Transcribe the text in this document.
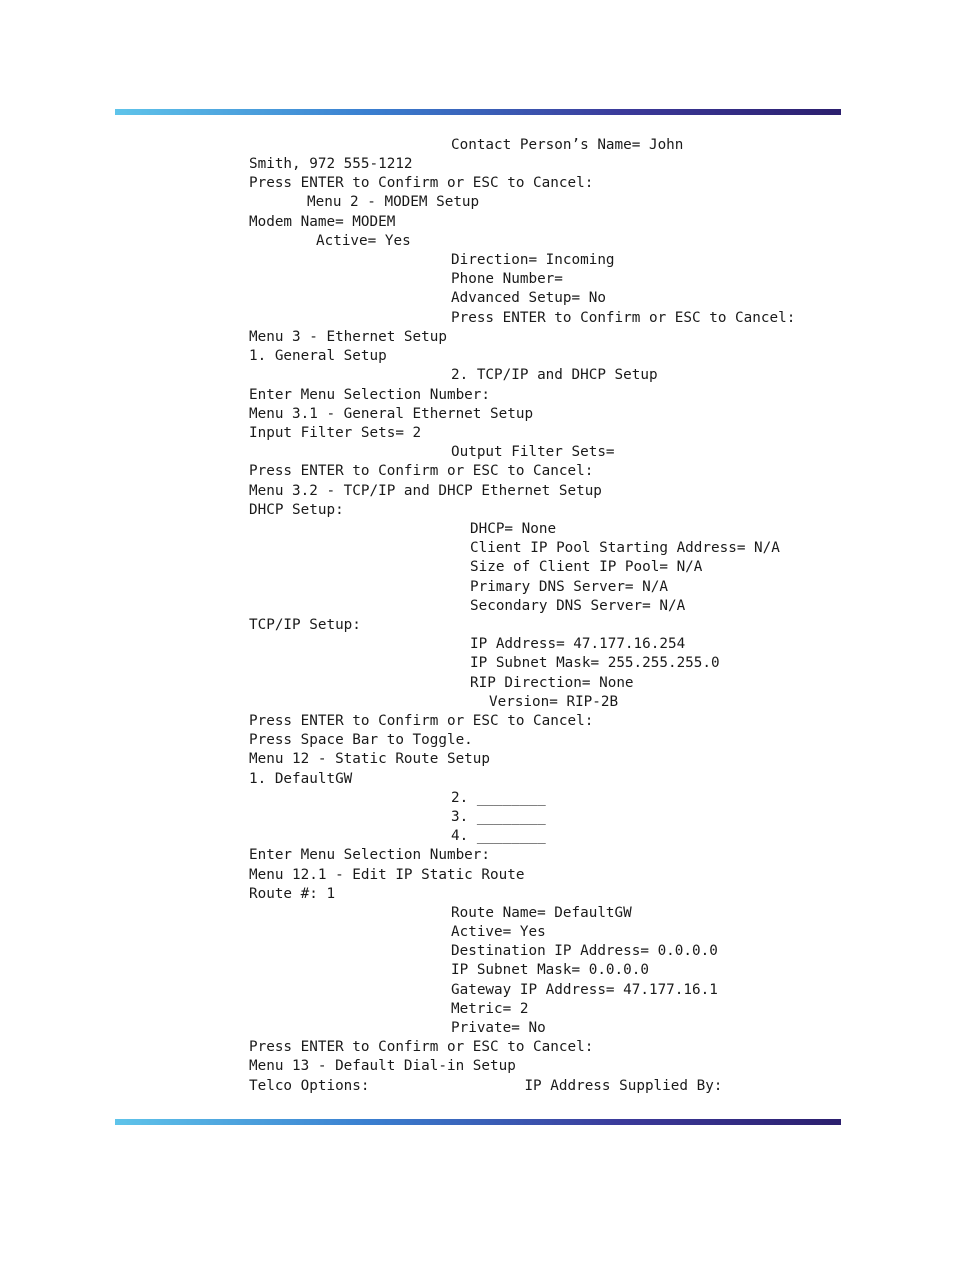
Contact Person’s Name= John
Smith, 972 555-1212
Press ENTER to Confirm or ESC to Cancel:
Menu 2 - MODEM Setup
Modem Name= MODEM
Active= Yes
Direction= Incoming
Phone Number=
Advanced Setup= No
Press ENTER to Confirm or ESC to Cancel:
Menu 3 - Ethernet Setup
1. General Setup
2. TCP/IP and DHCP Setup
Enter Menu Selection Number:
Menu 3.1 - General Ethernet Setup
Input Filter Sets= 2
Output Filter Sets=
Press ENTER to Confirm or ESC to Cancel:
Menu 3.2 - TCP/IP and DHCP Ethernet Setup
DHCP Setup:
DHCP= None
Client IP Pool Starting Address= N/A
Size of Client IP Pool= N/A
Primary DNS Server= N/A
Secondary DNS Server= N/A
TCP/IP Setup:
IP Address= 47.177.16.254
IP Subnet Mask= 255.255.255.0
RIP Direction= None
Version= RIP-2B
Press ENTER to Confirm or ESC to Cancel:
Press Space Bar to Toggle.
Menu 12 - Static Route Setup
1. DefaultGW
2. ________
3. ________
4. ________
Enter Menu Selection Number:
Menu 12.1 - Edit IP Static Route
Route #: 1
Route Name= DefaultGW
Active= Yes
Destination IP Address= 0.0.0.0
IP Subnet Mask= 0.0.0.0
Gateway IP Address= 47.177.16.1
Metric= 2
Private= No
Press ENTER to Confirm or ESC to Cancel:
Menu 13 - Default Dial-in Setup
Telco Options:                  IP Address Supplied By:
